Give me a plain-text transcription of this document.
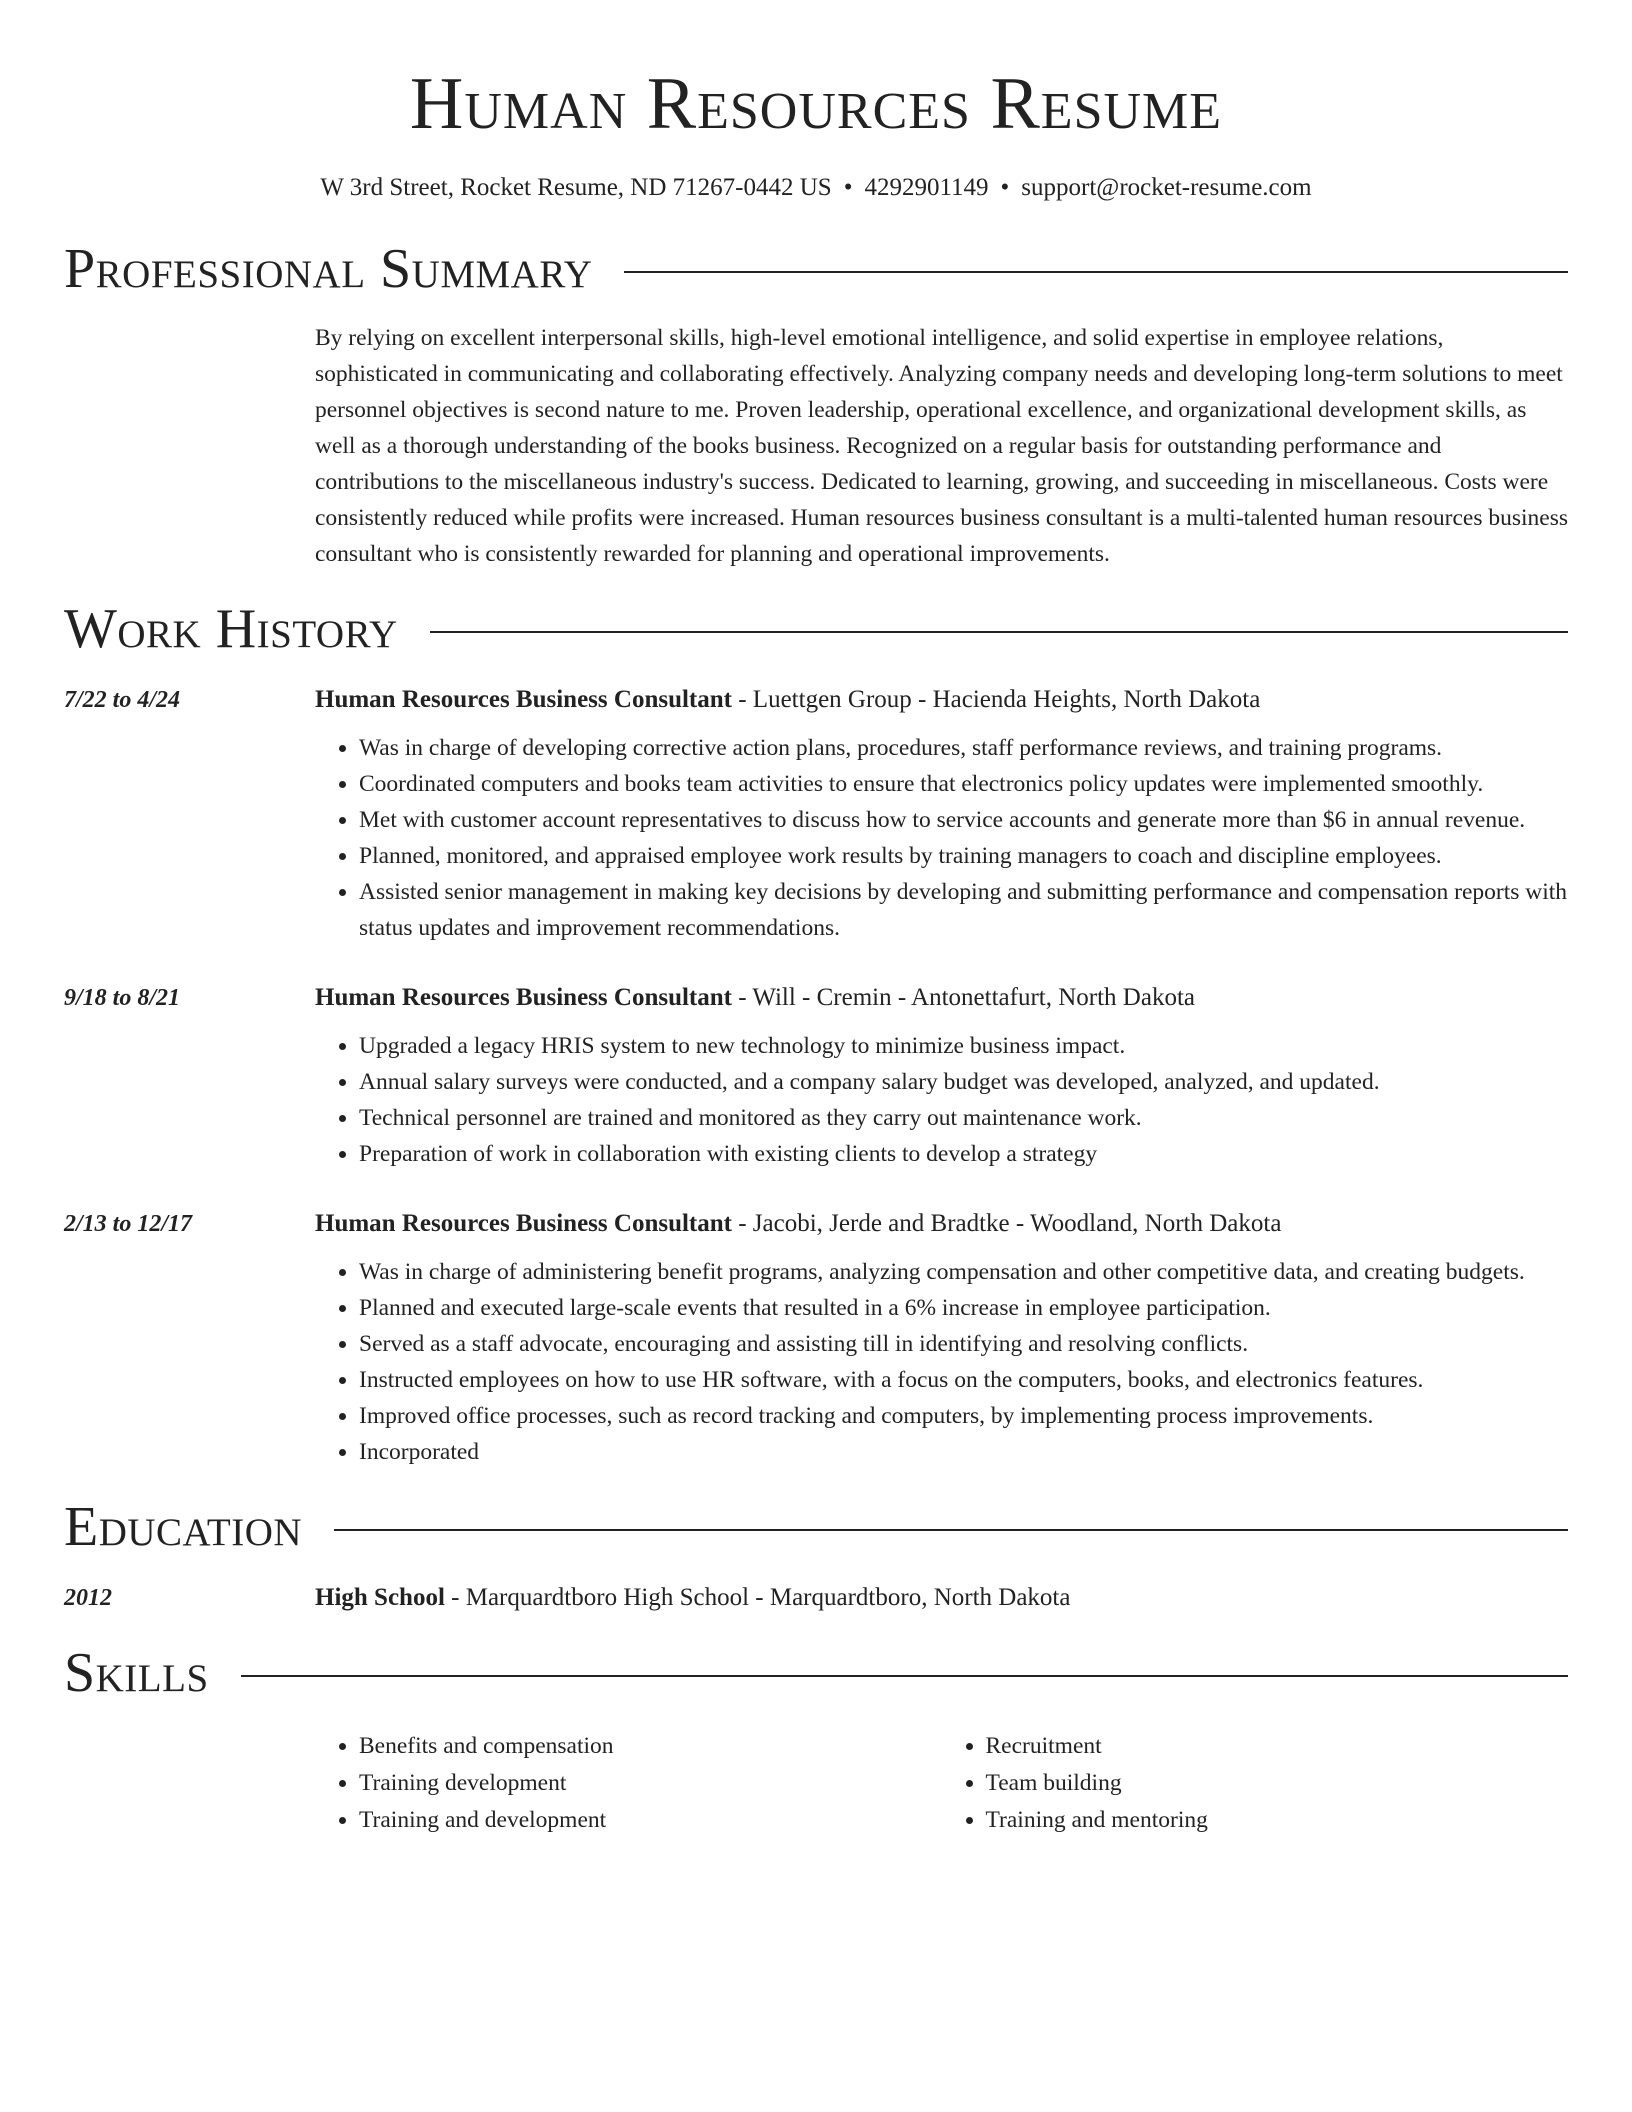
Human Resources Resume
W 3rd Street, Rocket Resume, ND 71267-0442 US • 4292901149 • support@rocket-resume.com
Professional Summary
By relying on excellent interpersonal skills, high-level emotional intelligence, and solid expertise in employee relations, sophisticated in communicating and collaborating effectively. Analyzing company needs and developing long-term solutions to meet personnel objectives is second nature to me. Proven leadership, operational excellence, and organizational development skills, as well as a thorough understanding of the books business. Recognized on a regular basis for outstanding performance and contributions to the miscellaneous industry's success. Dedicated to learning, growing, and succeeding in miscellaneous. Costs were consistently reduced while profits were increased. Human resources business consultant is a multi-talented human resources business consultant who is consistently rewarded for planning and operational improvements.
Work History
7/22 to 4/24	Human Resources Business Consultant - Luettgen Group - Hacienda Heights, North Dakota
• Was in charge of developing corrective action plans, procedures, staff performance reviews, and training programs.
• Coordinated computers and books team activities to ensure that electronics policy updates were implemented smoothly.
• Met with customer account representatives to discuss how to service accounts and generate more than $6 in annual revenue.
• Planned, monitored, and appraised employee work results by training managers to coach and discipline employees.
• Assisted senior management in making key decisions by developing and submitting performance and compensation reports with status updates and improvement recommendations.
9/18 to 8/21	Human Resources Business Consultant - Will - Cremin - Antonettafurt, North Dakota
• Upgraded a legacy HRIS system to new technology to minimize business impact.
• Annual salary surveys were conducted, and a company salary budget was developed, analyzed, and updated.
• Technical personnel are trained and monitored as they carry out maintenance work.
• Preparation of work in collaboration with existing clients to develop a strategy
2/13 to 12/17	Human Resources Business Consultant - Jacobi, Jerde and Bradtke - Woodland, North Dakota
• Was in charge of administering benefit programs, analyzing compensation and other competitive data, and creating budgets.
• Planned and executed large-scale events that resulted in a 6% increase in employee participation.
• Served as a staff advocate, encouraging and assisting till in identifying and resolving conflicts.
• Instructed employees on how to use HR software, with a focus on the computers, books, and electronics features.
• Improved office processes, such as record tracking and computers, by implementing process improvements.
• Incorporated
Education
2012	High School - Marquardtboro High School - Marquardtboro, North Dakota
Skills
• Benefits and compensation
• Training development
• Training and development
• Recruitment
• Team building
• Training and mentoring
